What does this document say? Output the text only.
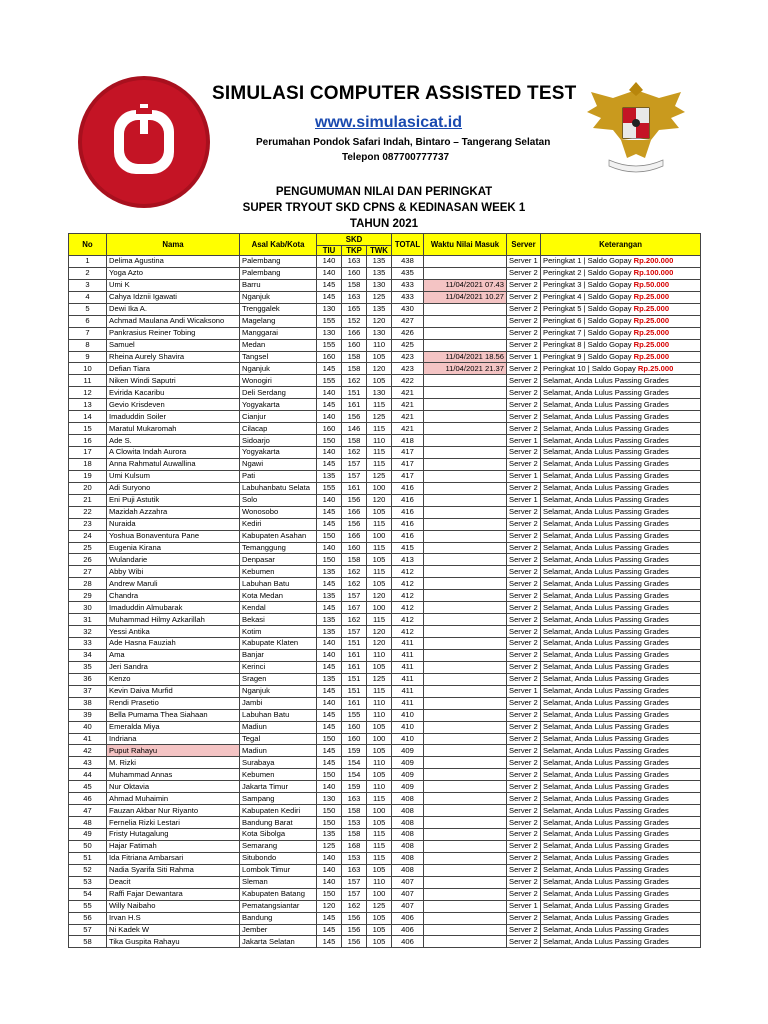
SIMULASI COMPUTER ASSISTED TEST
www.simulasicat.id
Perumahan Pondok Safari Indah, Bintaro – Tangerang Selatan
Telepon 087700777737
PENGUMUMAN NILAI DAN PERINGKAT
SUPER TRYOUT SKD CPNS & KEDINASAN WEEK 1
TAHUN 2021
No	Nama	Asal Kab/Kota	SKD			TOTAL	Waktu Nilai Masuk	Server	Keterangan
			TIU	TKP	TWK				
1	Delima Agustina	Palembang	140	163	135	438		Server 1	Peringkat 1 | Saldo Gopay Rp.200.000
2	Yoga Azto	Palembang	140	160	135	435		Server 2	Peringkat 2 | Saldo Gopay Rp.100.000
3	Umi K	Barru	145	158	130	433	11/04/2021 07.43	Server 2	Peringkat 3 | Saldo Gopay Rp.50.000
4	Cahya Idznii Igawati	Nganjuk	145	163	125	433	11/04/2021 10.27	Server 2	Peringkat 4 | Saldo Gopay Rp.25.000
5	Dewi Ika A.	Trenggalek	130	165	135	430		Server 2	Peringkat 5 | Saldo Gopay Rp.25.000
6	Achmad Maulana Andi Wicaksono	Magelang	155	152	120	427		Server 2	Peringkat 6 | Saldo Gopay Rp.25.000
7	Pankrasius Reiner Tobing	Manggarai	130	166	130	426		Server 2	Peringkat 7 | Saldo Gopay Rp.25.000
8	Samuel	Medan	155	160	110	425		Server 2	Peringkat 8 | Saldo Gopay Rp.25.000
9	Rheina Aurely Shavira	Tangsel	160	158	105	423	11/04/2021 18.56	Server 1	Peringkat 9 | Saldo Gopay Rp.25.000
10	Defian Tiara	Nganjuk	145	158	120	423	11/04/2021 21.37	Server 2	Peringkat 10 | Saldo Gopay Rp.25.000
11	Niken Windi Saputri	Wonogiri	155	162	105	422		Server 2	Selamat, Anda Lulus Passing Grades
12	Evirida Kacaribu	Deli Serdang	140	151	130	421		Server 2	Selamat, Anda Lulus Passing Grades
13	Gevio Krisdeven	Yogyakarta	145	161	115	421		Server 2	Selamat, Anda Lulus Passing Grades
14	Imaduddin Soiler	Cianjur	140	156	125	421		Server 2	Selamat, Anda Lulus Passing Grades
15	Maratul Mukaromah	Cilacap	160	146	115	421		Server 2	Selamat, Anda Lulus Passing Grades
16	Ade S.	Sidoarjo	150	158	110	418		Server 1	Selamat, Anda Lulus Passing Grades
17	A Clowita Indah Aurora	Yogyakarta	140	162	115	417		Server 2	Selamat, Anda Lulus Passing Grades
18	Anna Rahmatul Auwallina	Ngawi	145	157	115	417		Server 2	Selamat, Anda Lulus Passing Grades
19	Umi Kulsum	Pati	135	157	125	417		Server 1	Selamat, Anda Lulus Passing Grades
20	Adi Suryono	Labuhanbatu Selata	155	161	100	416		Server 2	Selamat, Anda Lulus Passing Grades
21	Eni Puji Astutik	Solo	140	156	120	416		Server 1	Selamat, Anda Lulus Passing Grades
22	Mazidah Azzahra	Wonosobo	145	166	105	416		Server 2	Selamat, Anda Lulus Passing Grades
23	Nuraida	Kediri	145	156	115	416		Server 2	Selamat, Anda Lulus Passing Grades
24	Yoshua Bonaventura Pane	Kabupaten Asahan	150	166	100	416		Server 2	Selamat, Anda Lulus Passing Grades
25	Eugenia Kirana	Temanggung	140	160	115	415		Server 2	Selamat, Anda Lulus Passing Grades
26	Wulandarie	Denpasar	150	158	105	413		Server 2	Selamat, Anda Lulus Passing Grades
27	Abby Wibi	Kebumen	135	162	115	412		Server 2	Selamat, Anda Lulus Passing Grades
28	Andrew Maruli	Labuhan Batu	145	162	105	412		Server 2	Selamat, Anda Lulus Passing Grades
29	Chandra	Kota Medan	135	157	120	412		Server 2	Selamat, Anda Lulus Passing Grades
30	Imaduddin Almubarak	Kendal	145	167	100	412		Server 2	Selamat, Anda Lulus Passing Grades
31	Muhammad Hilmy Azkarillah	Bekasi	135	162	115	412		Server 2	Selamat, Anda Lulus Passing Grades
32	Yessi Antika	Kotim	135	157	120	412		Server 2	Selamat, Anda Lulus Passing Grades
33	Ade Hasna Fauziah	Kabupate Klaten	140	151	120	411		Server 2	Selamat, Anda Lulus Passing Grades
34	Ama	Banjar	140	161	110	411		Server 2	Selamat, Anda Lulus Passing Grades
35	Jeri Sandra	Kerinci	145	161	105	411		Server 2	Selamat, Anda Lulus Passing Grades
36	Kenzo	Sragen	135	151	125	411		Server 2	Selamat, Anda Lulus Passing Grades
37	Kevin Daiva Murfid	Nganjuk	145	151	115	411		Server 1	Selamat, Anda Lulus Passing Grades
38	Rendi Prasetio	Jambi	140	161	110	411		Server 2	Selamat, Anda Lulus Passing Grades
39	Bella Pumama Thea Siahaan	Labuhan Batu	145	155	110	410		Server 2	Selamat, Anda Lulus Passing Grades
40	Emeralda Miya	Madiun	145	160	105	410		Server 2	Selamat, Anda Lulus Passing Grades
41	Indriana	Tegal	150	160	100	410		Server 2	Selamat, Anda Lulus Passing Grades
42	Puput Rahayu	Madiun	145	159	105	409		Server 2	Selamat, Anda Lulus Passing Grades
43	M. Rizki	Surabaya	145	154	110	409		Server 2	Selamat, Anda Lulus Passing Grades
44	Muhammad Annas	Kebumen	150	154	105	409		Server 2	Selamat, Anda Lulus Passing Grades
45	Nur Oktavia	Jakarta Timur	140	159	110	409		Server 2	Selamat, Anda Lulus Passing Grades
46	Ahmad Muhaimin	Sampang	130	163	115	408		Server 2	Selamat, Anda Lulus Passing Grades
47	Fauzan Akbar Nur Riyanto	Kabupaten Kediri	150	158	100	408		Server 2	Selamat, Anda Lulus Passing Grades
48	Fernelia Rizki Lestari	Bandung Barat	150	153	105	408		Server 2	Selamat, Anda Lulus Passing Grades
49	Fristy Hutagalung	Kota Sibolga	135	158	115	408		Server 2	Selamat, Anda Lulus Passing Grades
50	Hajar Fatimah	Semarang	125	168	115	408		Server 2	Selamat, Anda Lulus Passing Grades
51	Ida Fitriana Ambarsari	Situbondo	140	153	115	408		Server 2	Selamat, Anda Lulus Passing Grades
52	Nadia Syarifa Siti Rahma	Lombok Timur	140	163	105	408		Server 2	Selamat, Anda Lulus Passing Grades
53	Deacit	Sleman	140	157	110	407		Server 2	Selamat, Anda Lulus Passing Grades
54	Raffi Fajar Dewantara	Kabupaten Batang	150	157	100	407		Server 2	Selamat, Anda Lulus Passing Grades
55	Willy Naibaho	Pematangsiantar	120	162	125	407		Server 1	Selamat, Anda Lulus Passing Grades
56	Irvan H.S	Bandung	145	156	105	406		Server 2	Selamat, Anda Lulus Passing Grades
57	Ni Kadek W	Jember	145	156	105	406		Server 2	Selamat, Anda Lulus Passing Grades
58	Tika Guspita Rahayu	Jakarta Selatan	145	156	105	406		Server 2	Selamat, Anda Lulus Passing Grades
